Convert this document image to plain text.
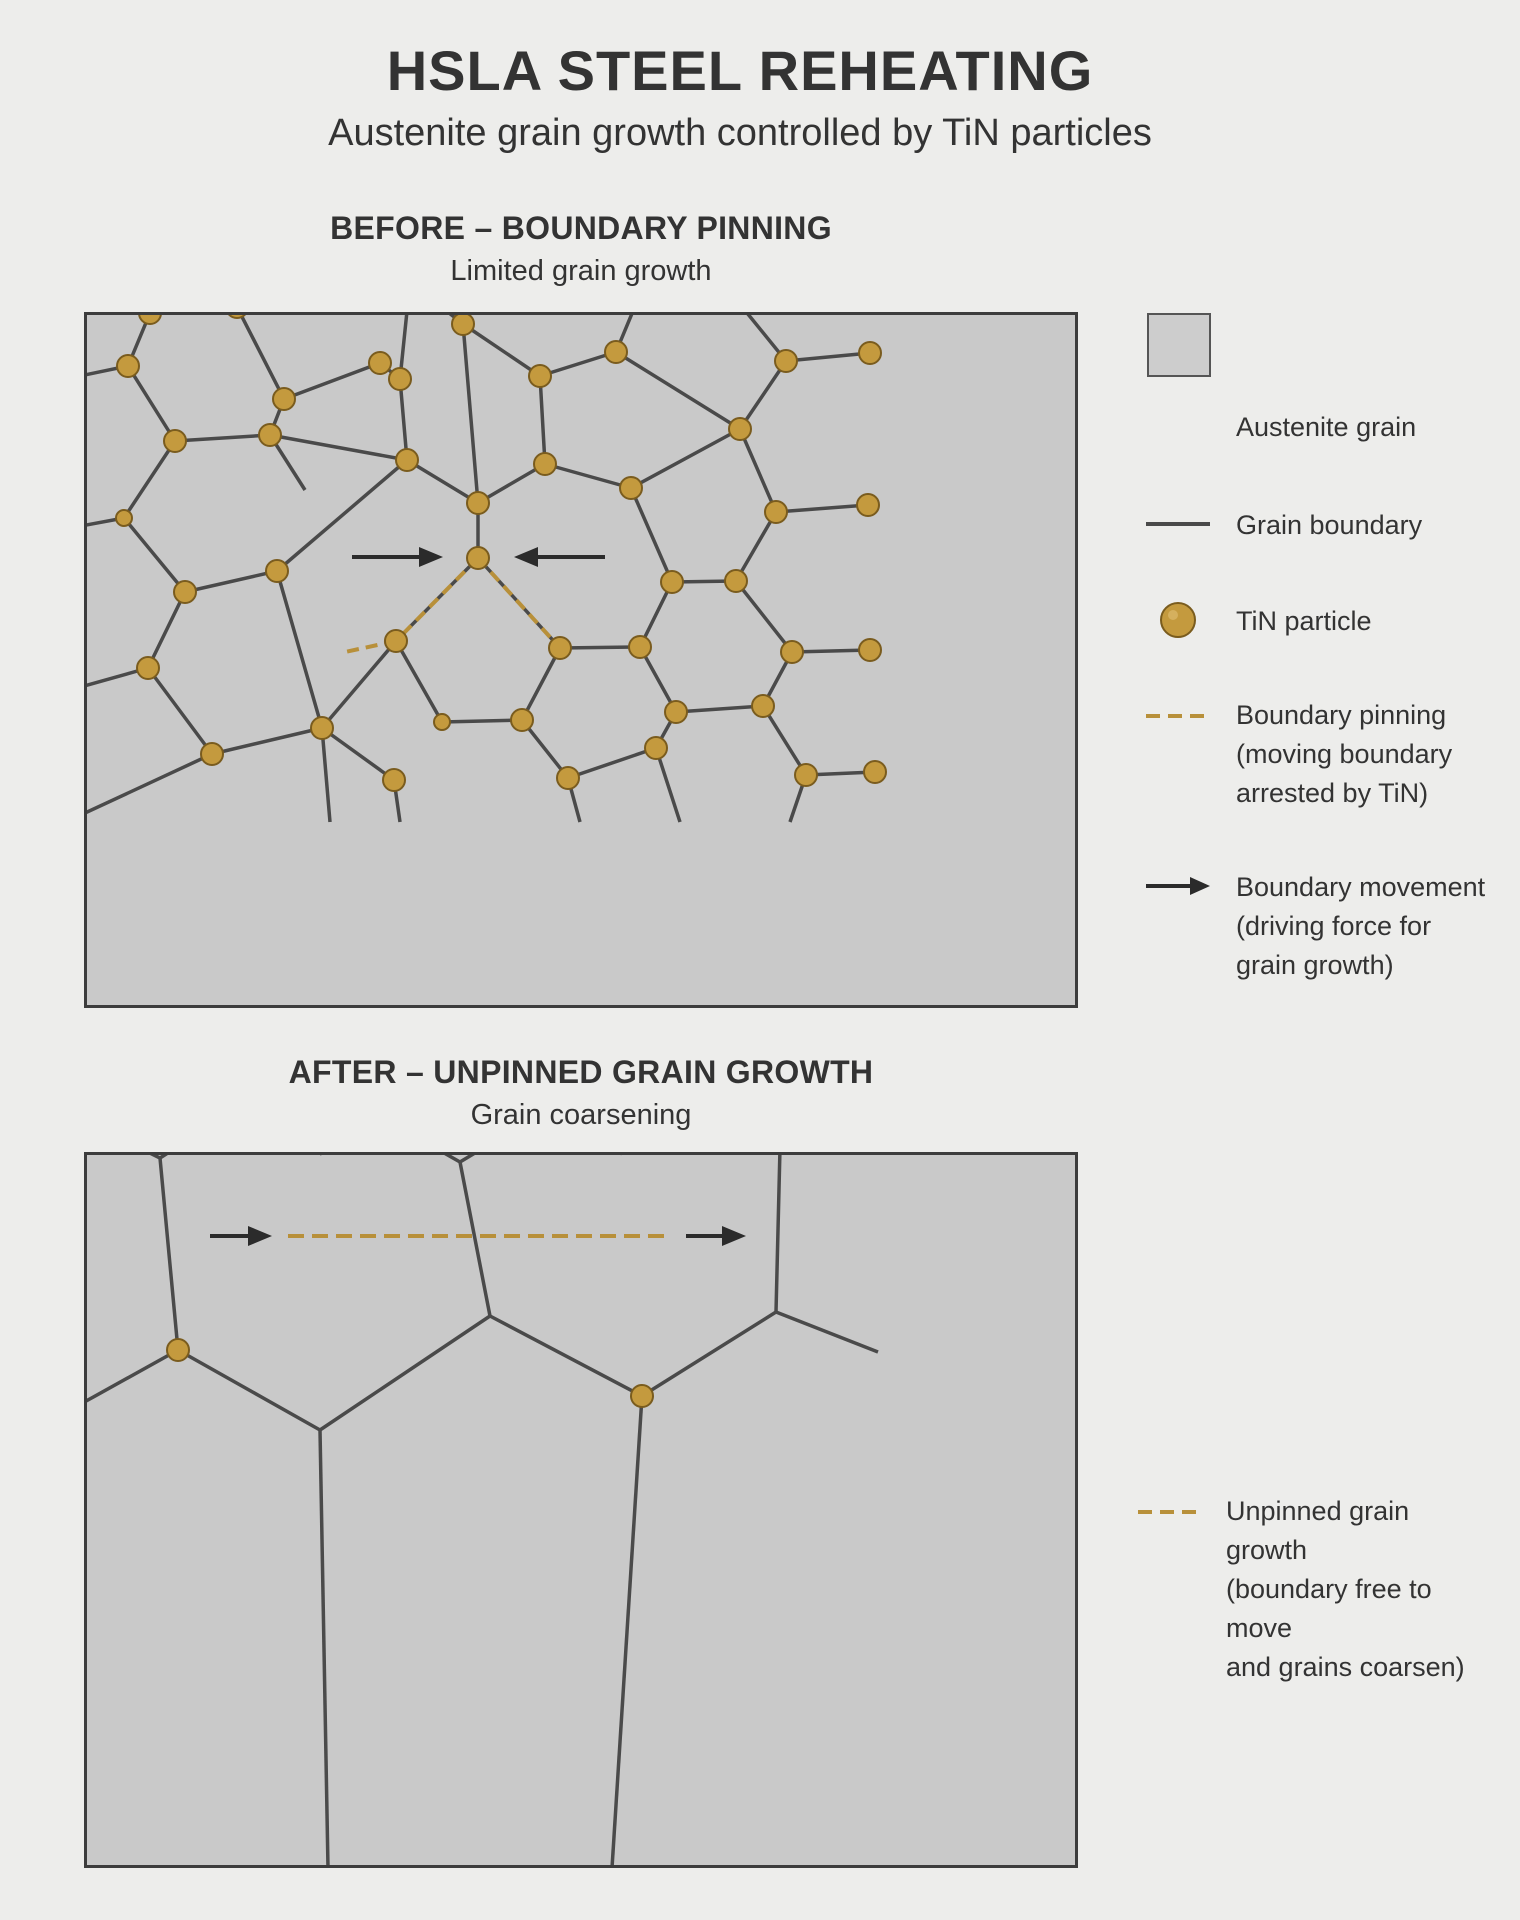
HSLA STEEL REHEATING
Austenite grain growth controlled by TiN particles
BEFORE – BOUNDARY PINNING
Limited grain growth
AFTER – UNPINNED GRAIN GROWTH
Grain coarsening
Austenite grain
Grain boundary
TiN particle
Boundary pinning
(moving boundary
arrested by TiN)
Boundary movement
(driving force for
grain growth)
Unpinned grain growth
(boundary free to move
and grains coarsen)
